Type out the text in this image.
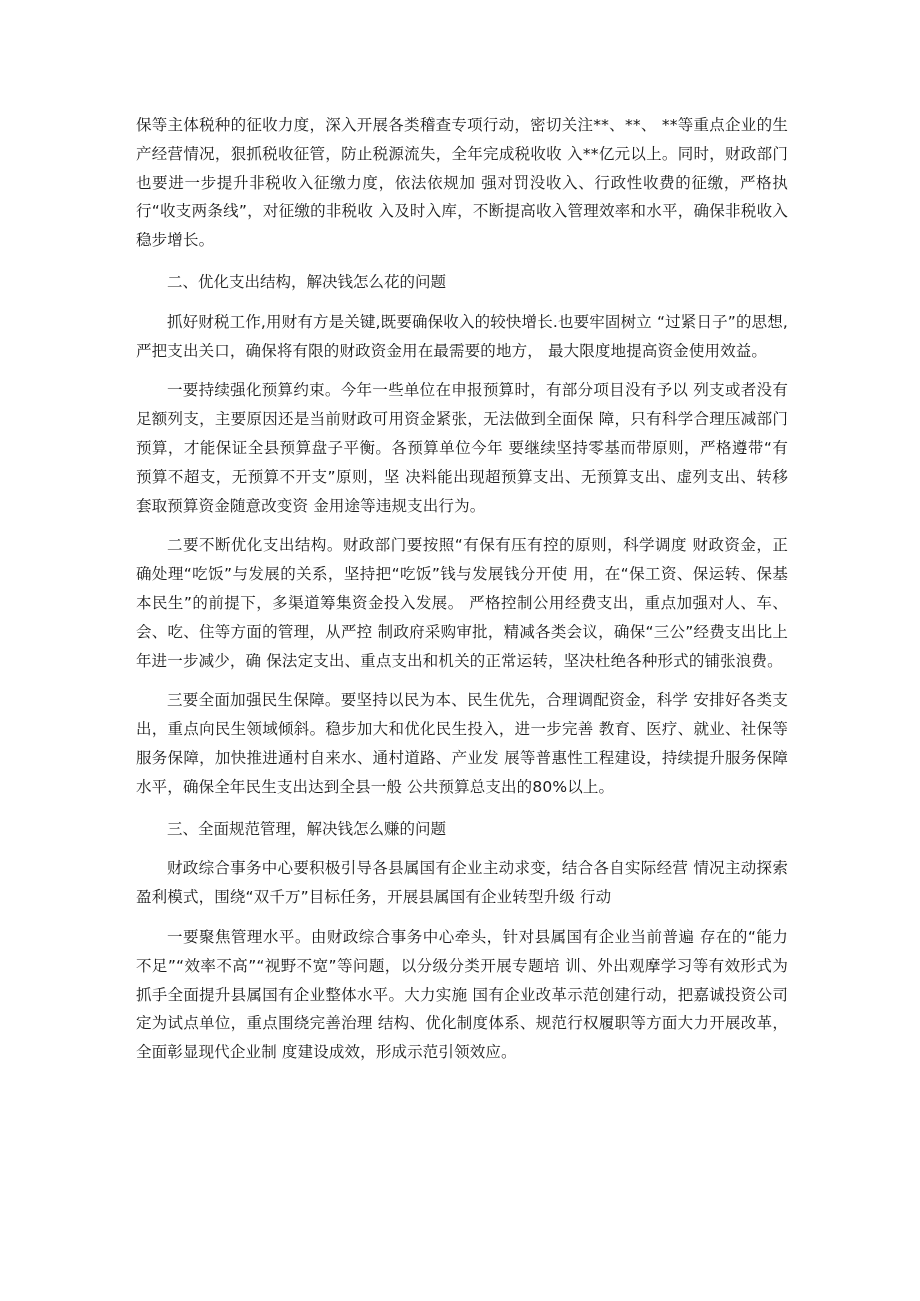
保等主体税种的征收力度，深入开展各类稽查专项行动，密切关注**、**、 **等重点企业的生产经营情况，狠抓税收征管，防止税源流失，全年完成税收收 入**亿元以上。同时，财政部门也要进一步提升非税收入征缴力度，依法依规加 强对罚没收入、行政性收费的征缴，严格执行“收支两条线”，对征缴的非税收 入及时入库，不断提高收入管理效率和水平，确保非税收入稳步增长。

二、优化支出结构，解决钱怎么花的问题

抓好财税工作,用财有方是关键,既要确保收入的较快增长.也要牢固树立 “过紧日子”的思想,严把支出关口，确保将有限的财政资金用在最需要的地方， 最大限度地提高资金使用效益。

一要持续强化预算约束。今年一些单位在申报预算时，有部分项目没有予以 列支或者没有足额列支，主要原因还是当前财政可用资金紧张，无法做到全面保 障，只有科学合理压减部门预算，才能保证全县预算盘子平衡。各预算单位今年 要继续坚持零基而带原则，严格遵带“有预算不超支，无预算不开支”原则，坚 决料能出现超预算支出、无预算支出、虚列支出、转移套取预算资金随意改变资 金用途等违规支出行为。

二要不断优化支出结构。财政部门要按照“有保有压有控的原则，科学调度 财政资金，正确处理“吃饭”与发展的关系，坚持把“吃饭”钱与发展钱分开使 用，在“保工资、保运转、保基本民生”的前提下，多渠道筹集资金投入发展。 严格控制公用经费支出，重点加强对人、车、会、吃、住等方面的管理，从严控 制政府采购审批，精减各类会议，确保“三公”经费支出比上年进一步减少，确 保法定支出、重点支出和机关的正常运转，坚决杜绝各种形式的铺张浪费。

三要全面加强民生保障。要坚持以民为本、民生优先，合理调配资金，科学 安排好各类支出，重点向民生领域倾斜。稳步加大和优化民生投入，进一步完善 教育、医疗、就业、社保等服务保障，加快推进通村自来水、通村道路、产业发 展等普惠性工程建设，持续提升服务保障水平，确保全年民生支出达到全县一般 公共预算总支出的80%以上。

三、全面规范管理，解决钱怎么赚的问题

财政综合事务中心要积极引导各县属国有企业主动求变，结合各自实际经营 情况主动探索盈利模式，围绕“双千万”目标任务，开展县属国有企业转型升级 行动

一要聚焦管理水平。由财政综合事务中心牵头，针对县属国有企业当前普遍 存在的“能力不足”“效率不高”“视野不宽”等问题，以分级分类开展专题培 训、外出观摩学习等有效形式为抓手全面提升县属国有企业整体水平。大力实施 国有企业改革示范创建行动，把嘉诚投资公司定为试点单位，重点围绕完善治理 结构、优化制度体系、规范行权履职等方面大力开展改革，全面彰显现代企业制 度建设成效，形成示范引领效应。
